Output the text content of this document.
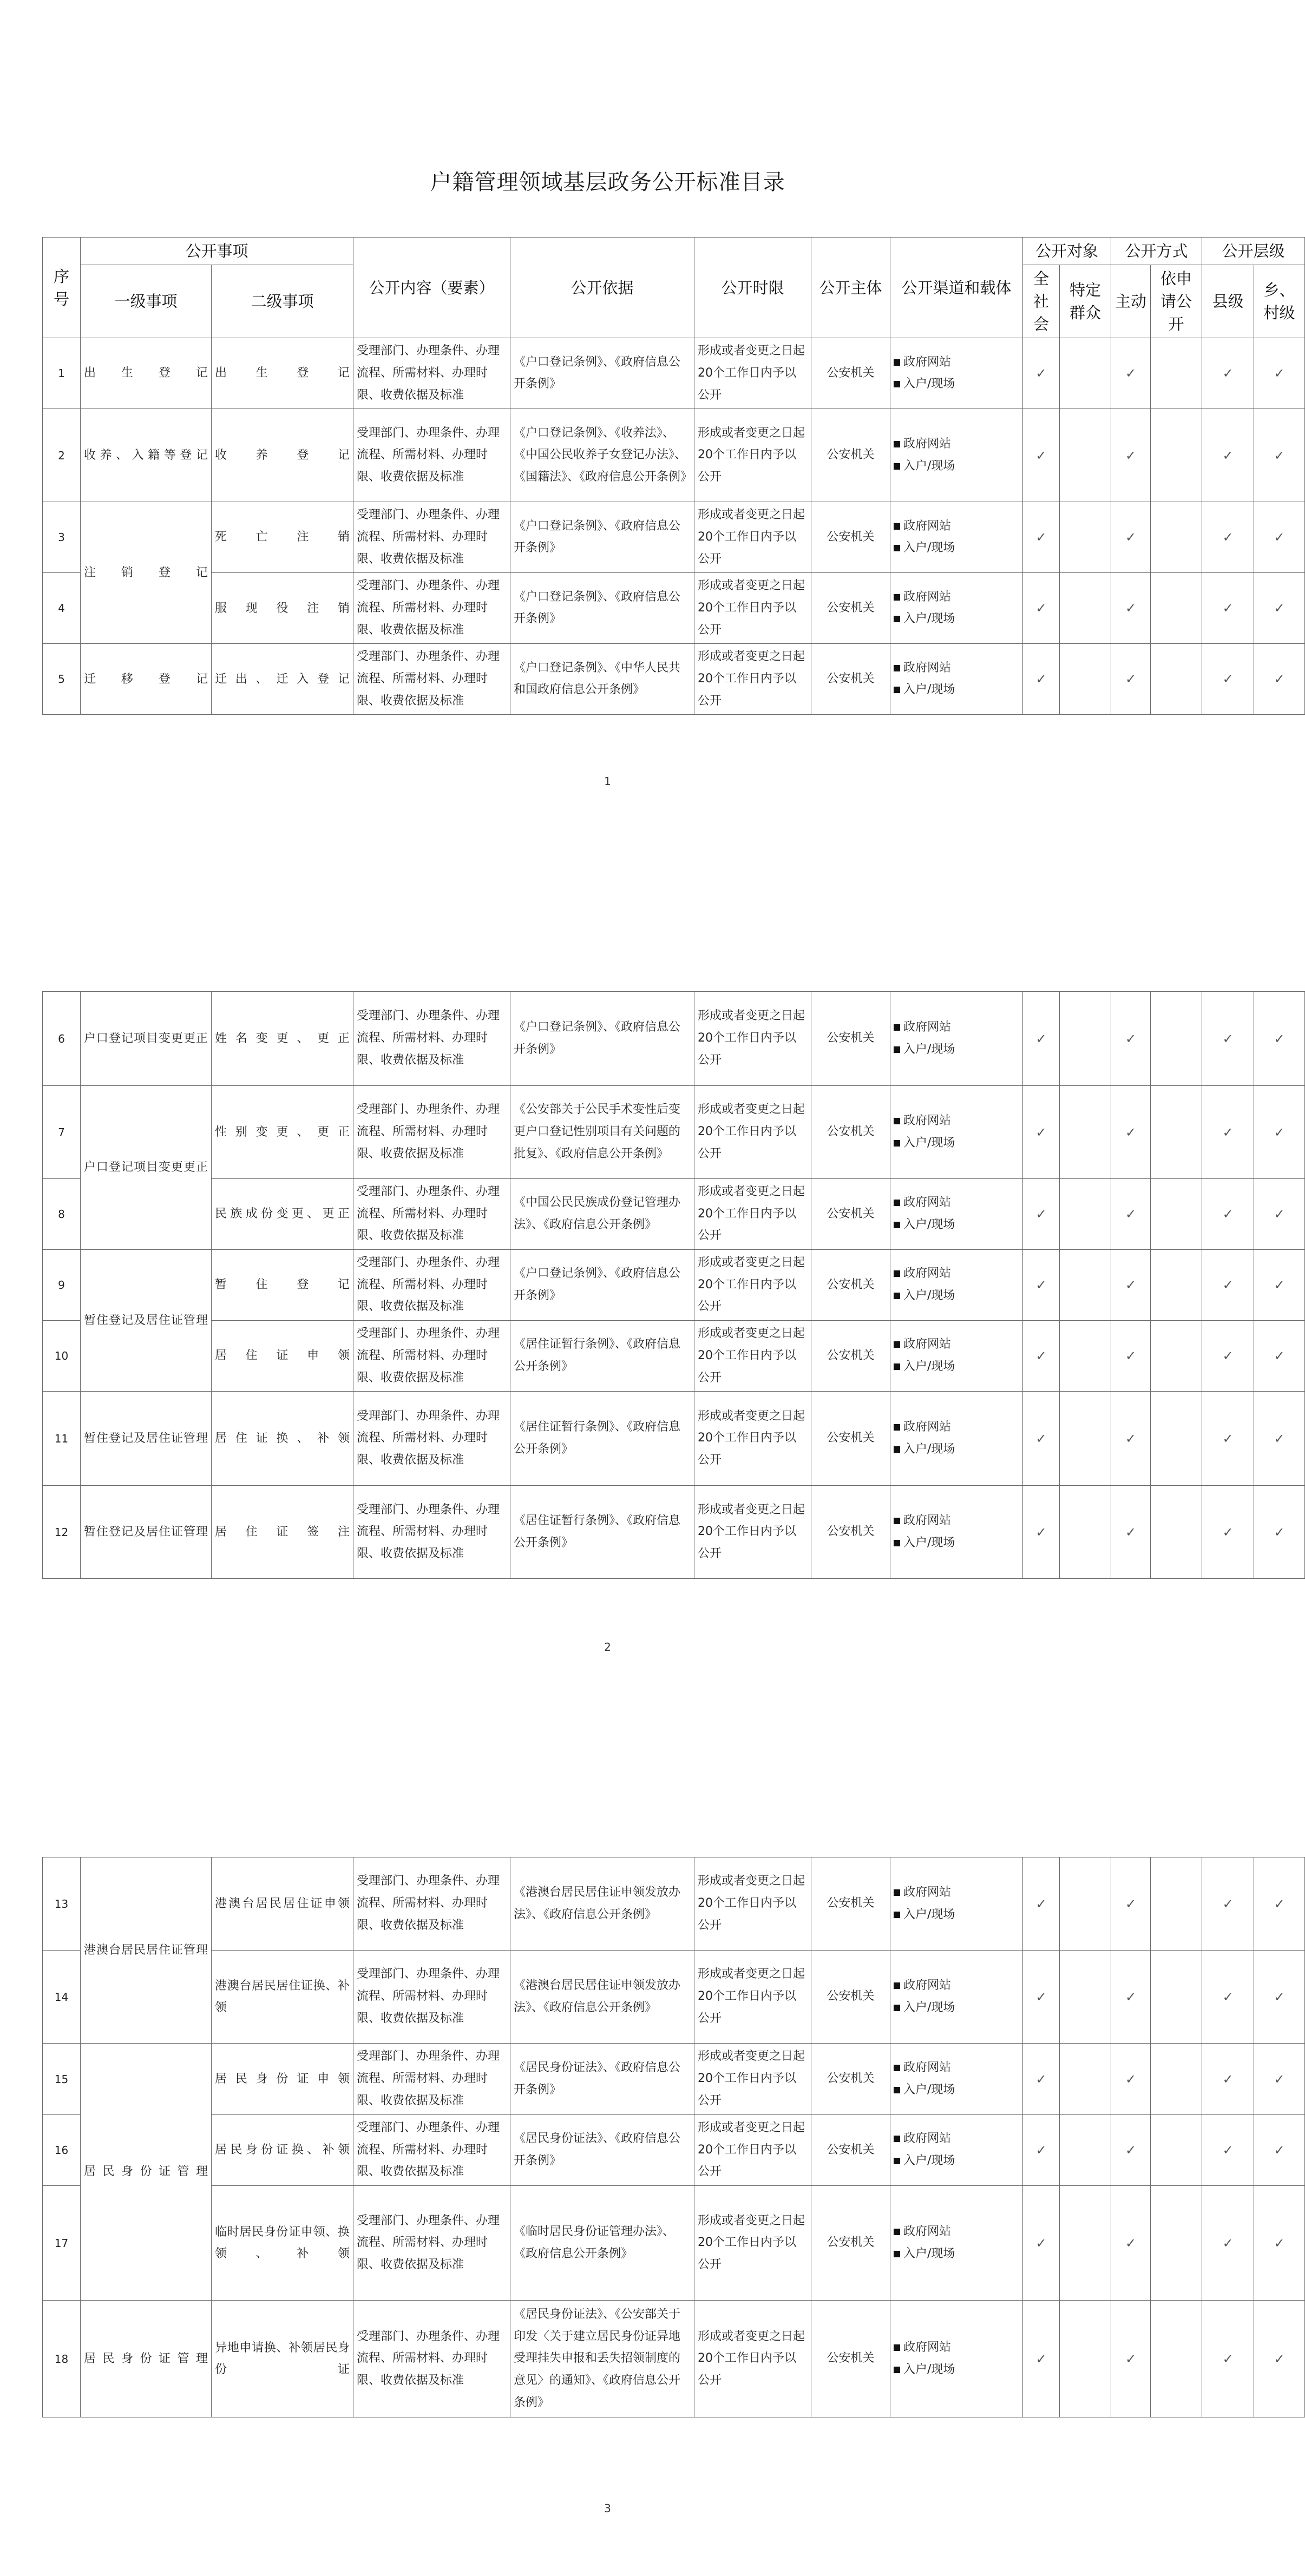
户籍管理领域基层政务公开标准目录
序号	公开事项		公开内容（要素）	公开依据	公开时限	公开主体	公开渠道和载体	公开对象		公开方式		公开层级	
	一级事项	二级事项						全社会	特定群众	主动	依申请公开	县级	乡、村级
1	出生登记	出生登记	受理部门、办理条件、办理流程、所需材料、办理时限、收费依据及标准	《户口登记条例》、《政府信息公开条例》	形成或者变更之日起20个工作日内予以公开	公安机关	政府网站
入户/现场	✓		✓		✓	✓
2	收养、入籍等登记	收养登记	受理部门、办理条件、办理流程、所需材料、办理时限、收费依据及标准	《户口登记条例》、《收养法》、《中国公民收养子女登记办法》、《国籍法》、《政府信息公开条例》	形成或者变更之日起20个工作日内予以公开	公安机关	政府网站
入户/现场	✓		✓		✓	✓
3	注销登记	死亡注销	受理部门、办理条件、办理流程、所需材料、办理时限、收费依据及标准	《户口登记条例》、《政府信息公开条例》	形成或者变更之日起20个工作日内予以公开	公安机关	政府网站
入户/现场	✓		✓		✓	✓
4		服现役注销	受理部门、办理条件、办理流程、所需材料、办理时限、收费依据及标准	《户口登记条例》、《政府信息公开条例》	形成或者变更之日起20个工作日内予以公开	公安机关	政府网站
入户/现场	✓		✓		✓	✓
5	迁移登记	迁出、迁入登记	受理部门、办理条件、办理流程、所需材料、办理时限、收费依据及标准	《户口登记条例》、《中华人民共和国政府信息公开条例》	形成或者变更之日起20个工作日内予以公开	公安机关	政府网站
入户/现场	✓		✓		✓	✓
1
6	户口登记项目变更更正	姓名变更、更正	受理部门、办理条件、办理流程、所需材料、办理时限、收费依据及标准	《户口登记条例》、《政府信息公开条例》	形成或者变更之日起20个工作日内予以公开	公安机关	政府网站
入户/现场	✓		✓		✓	✓
7	户口登记项目变更更正	性别变更、更正	受理部门、办理条件、办理流程、所需材料、办理时限、收费依据及标准	《公安部关于公民手术变性后变更户口登记性别项目有关问题的批复》、《政府信息公开条例》	形成或者变更之日起20个工作日内予以公开	公安机关	政府网站
入户/现场	✓		✓		✓	✓
8		民族成份变更、更正	受理部门、办理条件、办理流程、所需材料、办理时限、收费依据及标准	《中国公民民族成份登记管理办法》、《政府信息公开条例》	形成或者变更之日起20个工作日内予以公开	公安机关	政府网站
入户/现场	✓		✓		✓	✓
9	暂住登记及居住证管理	暂住登记	受理部门、办理条件、办理流程、所需材料、办理时限、收费依据及标准	《户口登记条例》、《政府信息公开条例》	形成或者变更之日起20个工作日内予以公开	公安机关	政府网站
入户/现场	✓		✓		✓	✓
10		居住证申领	受理部门、办理条件、办理流程、所需材料、办理时限、收费依据及标准	《居住证暂行条例》、《政府信息公开条例》	形成或者变更之日起20个工作日内予以公开	公安机关	政府网站
入户/现场	✓		✓		✓	✓
11	暂住登记及居住证管理	居住证换、补领	受理部门、办理条件、办理流程、所需材料、办理时限、收费依据及标准	《居住证暂行条例》、《政府信息公开条例》	形成或者变更之日起20个工作日内予以公开	公安机关	政府网站
入户/现场	✓		✓		✓	✓
12	暂住登记及居住证管理	居住证签注	受理部门、办理条件、办理流程、所需材料、办理时限、收费依据及标准	《居住证暂行条例》、《政府信息公开条例》	形成或者变更之日起20个工作日内予以公开	公安机关	政府网站
入户/现场	✓		✓		✓	✓
2
13	港澳台居民居住证管理	港澳台居民居住证申领	受理部门、办理条件、办理流程、所需材料、办理时限、收费依据及标准	《港澳台居民居住证申领发放办法》、《政府信息公开条例》	形成或者变更之日起20个工作日内予以公开	公安机关	政府网站
入户/现场	✓		✓		✓	✓
14		港澳台居民居住证换、补领	受理部门、办理条件、办理流程、所需材料、办理时限、收费依据及标准	《港澳台居民居住证申领发放办法》、《政府信息公开条例》	形成或者变更之日起20个工作日内予以公开	公安机关	政府网站
入户/现场	✓		✓		✓	✓
15	居民身份证管理	居民身份证申领	受理部门、办理条件、办理流程、所需材料、办理时限、收费依据及标准	《居民身份证法》、《政府信息公开条例》	形成或者变更之日起20个工作日内予以公开	公安机关	政府网站
入户/现场	✓		✓		✓	✓
16		居民身份证换、补领	受理部门、办理条件、办理流程、所需材料、办理时限、收费依据及标准	《居民身份证法》、《政府信息公开条例》	形成或者变更之日起20个工作日内予以公开	公安机关	政府网站
入户/现场	✓		✓		✓	✓
17		临时居民身份证申领、换领、补领	受理部门、办理条件、办理流程、所需材料、办理时限、收费依据及标准	《临时居民身份证管理办法》、《政府信息公开条例》	形成或者变更之日起20个工作日内予以公开	公安机关	政府网站
入户/现场	✓		✓		✓	✓
18	居民身份证管理	异地申请换、补领居民身份证	受理部门、办理条件、办理流程、所需材料、办理时限、收费依据及标准	《居民身份证法》、《公安部关于印发〈关于建立居民身份证异地受理挂失申报和丢失招领制度的意见〉的通知》、《政府信息公开条例》	形成或者变更之日起20个工作日内予以公开	公安机关	政府网站
入户/现场	✓		✓		✓	✓
3
